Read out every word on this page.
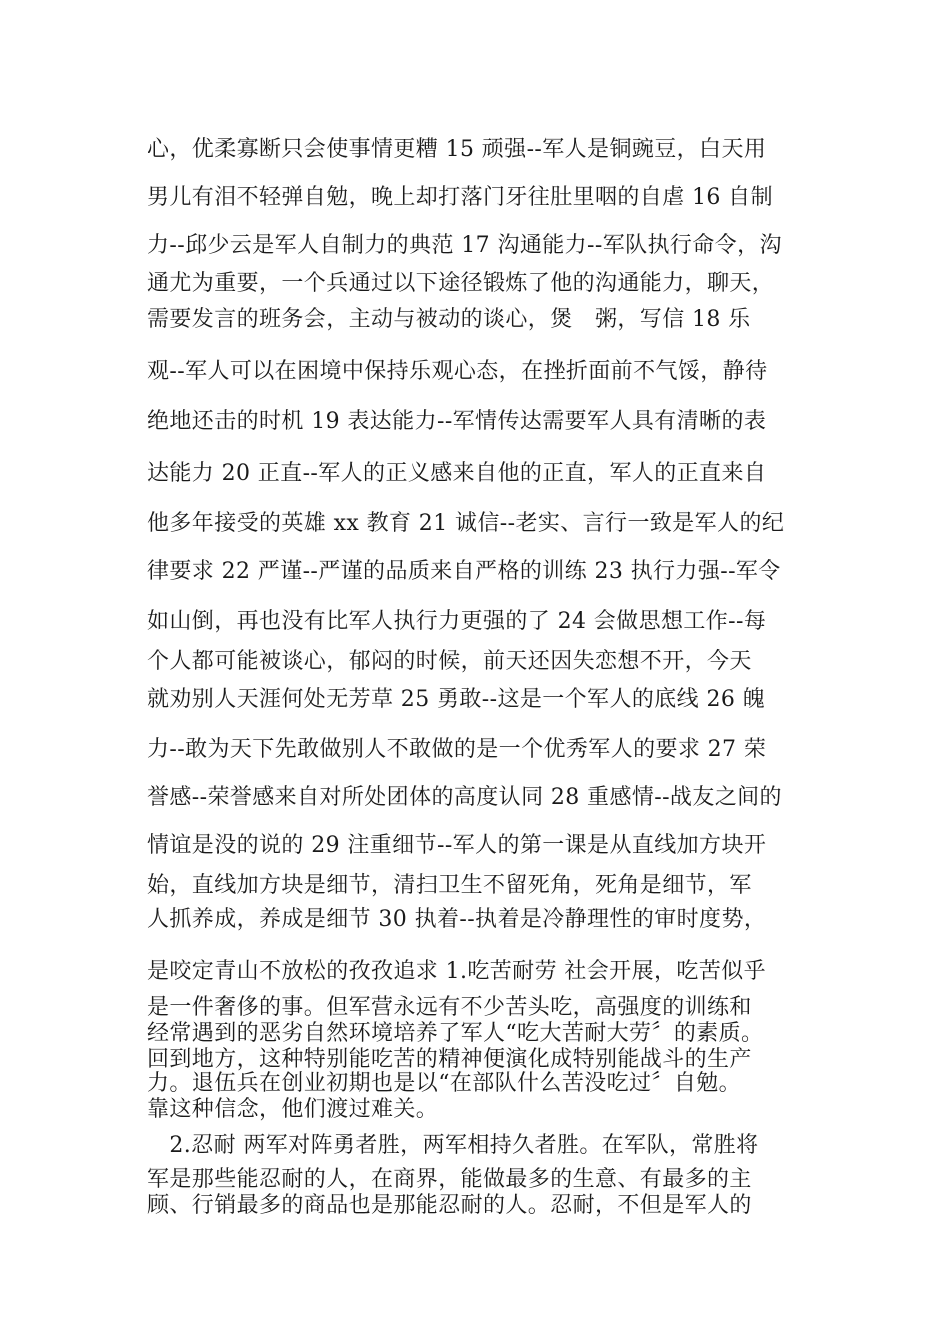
心，优柔寡断只会使事情更糟 15 顽强--军人是铜豌豆，白天用
男儿有泪不轻弹自勉，晚上却打落门牙往肚里咽的自虐 16 自制
力--邱少云是军人自制力的典范 17 沟通能力--军队执行命令，沟
通尤为重要，一个兵通过以下途径锻炼了他的沟通能力，聊天，
需要发言的班务会，主动与被动的谈心，煲　粥，写信 18 乐
观--军人可以在困境中保持乐观心态，在挫折面前不气馁，静待
绝地还击的时机 19 表达能力--军情传达需要军人具有清晰的表
达能力 20 正直--军人的正义感来自他的正直，军人的正直来自
他多年接受的英雄 xx 教育 21 诚信--老实、言行一致是军人的纪
律要求 22 严谨--严谨的品质来自严格的训练 23 执行力强--军令
如山倒，再也没有比军人执行力更强的了 24 会做思想工作--每
个人都可能被谈心，郁闷的时候，前天还因失恋想不开，今天
就劝别人天涯何处无芳草 25 勇敢--这是一个军人的底线 26 魄
力--敢为天下先敢做别人不敢做的是一个优秀军人的要求 27 荣
誉感--荣誉感来自对所处团体的高度认同 28 重感情--战友之间的
情谊是没的说的 29 注重细节--军人的第一课是从直线加方块开
始，直线加方块是细节，清扫卫生不留死角，死角是细节，军
人抓养成，养成是细节 30 执着--执着是冷静理性的审时度势，
是咬定青山不放松的孜孜追求 1.吃苦耐劳 社会开展，吃苦似乎
是一件奢侈的事。但军营永远有不少苦头吃，高强度的训练和
经常遇到的恶劣自然环境培养了军人“吃大苦耐大劳〞的素质。
回到地方，这种特别能吃苦的精神便演化成特别能战斗的生产
力。退伍兵在创业初期也是以“在部队什么苦没吃过〞自勉。
靠这种信念，他们渡过难关。
　2.忍耐 两军对阵勇者胜，两军相持久者胜。在军队，常胜将
军是那些能忍耐的人，在商界，能做最多的生意、有最多的主
顾、行销最多的商品也是那能忍耐的人。忍耐，不但是军人的
